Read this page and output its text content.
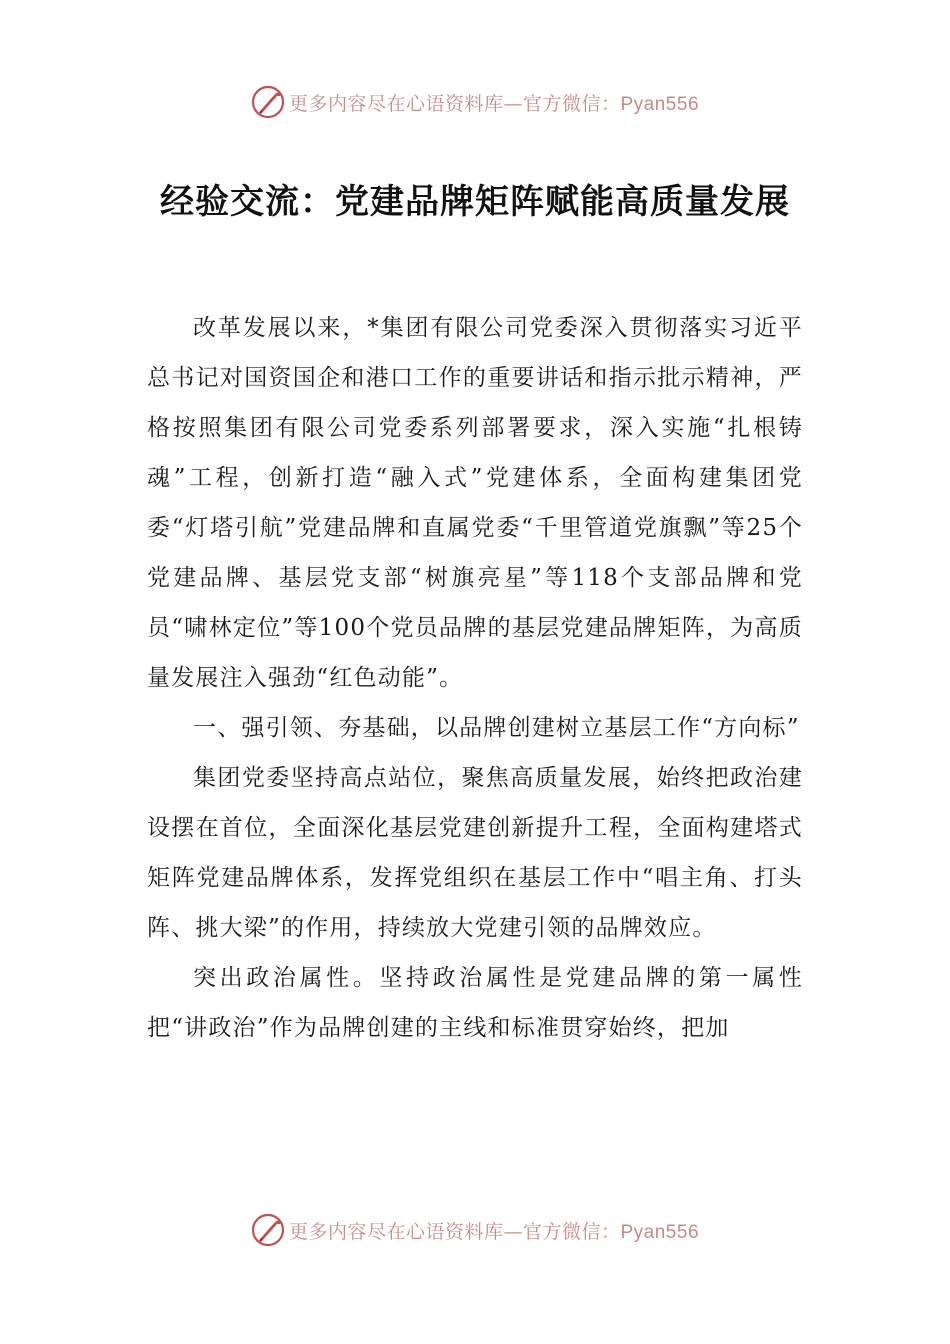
更多内容尽在心语资料库—官方微信：Pyan556
经验交流：党建品牌矩阵赋能高质量发展

改革发展以来，*集团有限公司党委深入贯彻落实习近平总书记对国资国企和港口工作的重要讲话和指示批示精神，严格按照集团有限公司党委系列部署要求，深入实施“扎根铸魂”工程，创新打造“融入式”党建体系，全面构建集团党委“灯塔引航”党建品牌和直属党委“千里管道党旗飘”等25个党建品牌、基层党支部“树旗亮星”等118个支部品牌和党员“啸林定位”等100个党员品牌的基层党建品牌矩阵，为高质量发展注入强劲“红色动能”。

一、强引领、夯基础，以品牌创建树立基层工作“方向标”

集团党委坚持高点站位，聚焦高质量发展，始终把政治建设摆在首位，全面深化基层党建创新提升工程，全面构建塔式矩阵党建品牌体系，发挥党组织在基层工作中“唱主角、打头阵、挑大梁”的作用，持续放大党建引领的品牌效应。

突出政治属性。坚持政治属性是党建品牌的第一属性把“讲政治”作为品牌创建的主线和标准贯穿始终，把加

更多内容尽在心语资料库—官方微信：Pyan556
